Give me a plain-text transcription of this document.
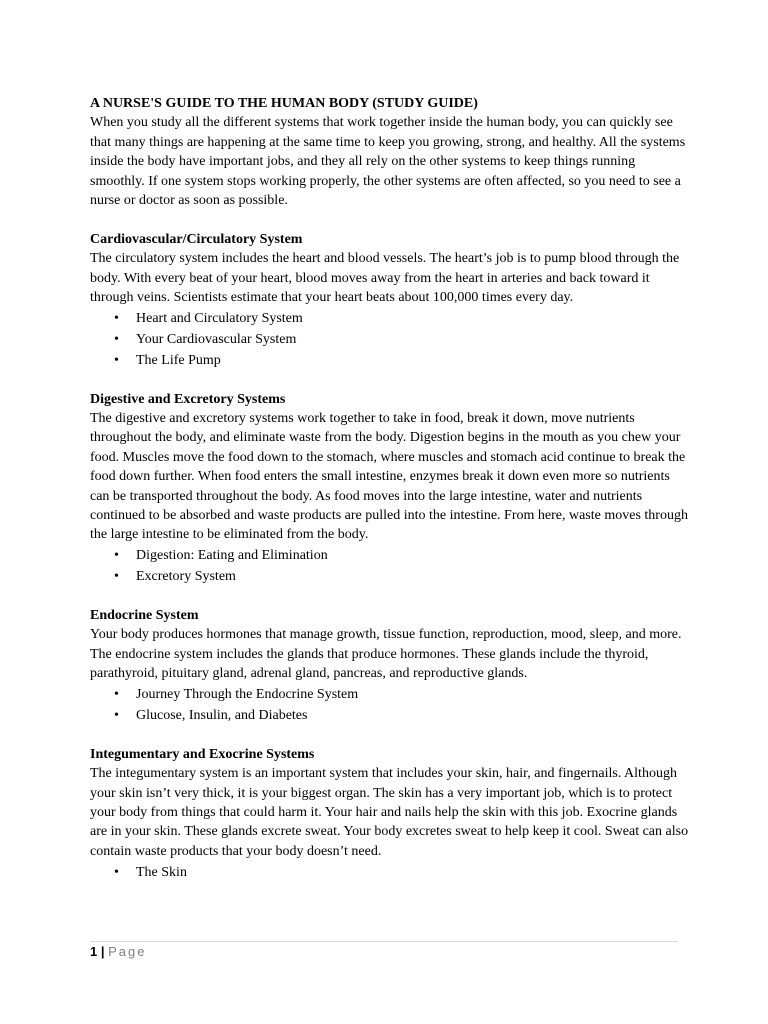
A NURSE'S GUIDE TO THE HUMAN BODY (STUDY GUIDE)

When you study all the different systems that work together inside the human body, you can quickly see that many things are happening at the same time to keep you growing, strong, and healthy. All the systems inside the body have important jobs, and they all rely on the other systems to keep things running smoothly. If one system stops working properly, the other systems are often affected, so you need to see a nurse or doctor as soon as possible.

Cardiovascular/Circulatory System

The circulatory system includes the heart and blood vessels. The heart’s job is to pump blood through the body. With every beat of your heart, blood moves away from the heart in arteries and back toward it through veins. Scientists estimate that your heart beats about 100,000 times every day.

• Heart and Circulatory System
• Your Cardiovascular System
• The Life Pump

Digestive and Excretory Systems

The digestive and excretory systems work together to take in food, break it down, move nutrients throughout the body, and eliminate waste from the body. Digestion begins in the mouth as you chew your food. Muscles move the food down to the stomach, where muscles and stomach acid continue to break the food down further. When food enters the small intestine, enzymes break it down even more so nutrients can be transported throughout the body. As food moves into the large intestine, water and nutrients continued to be absorbed and waste products are pulled into the intestine. From here, waste moves through the large intestine to be eliminated from the body.

• Digestion: Eating and Elimination
• Excretory System

Endocrine System

Your body produces hormones that manage growth, tissue function, reproduction, mood, sleep, and more. The endocrine system includes the glands that produce hormones. These glands include the thyroid, parathyroid, pituitary gland, adrenal gland, pancreas, and reproductive glands.

• Journey Through the Endocrine System
• Glucose, Insulin, and Diabetes

Integumentary and Exocrine Systems

The integumentary system is an important system that includes your skin, hair, and fingernails. Although your skin isn’t very thick, it is your biggest organ. The skin has a very important job, which is to protect your body from things that could harm it. Your hair and nails help the skin with this job. Exocrine glands are in your skin. These glands excrete sweat. Your body excretes sweat to help keep it cool. Sweat can also contain waste products that your body doesn’t need.

• The Skin
1 | Page
